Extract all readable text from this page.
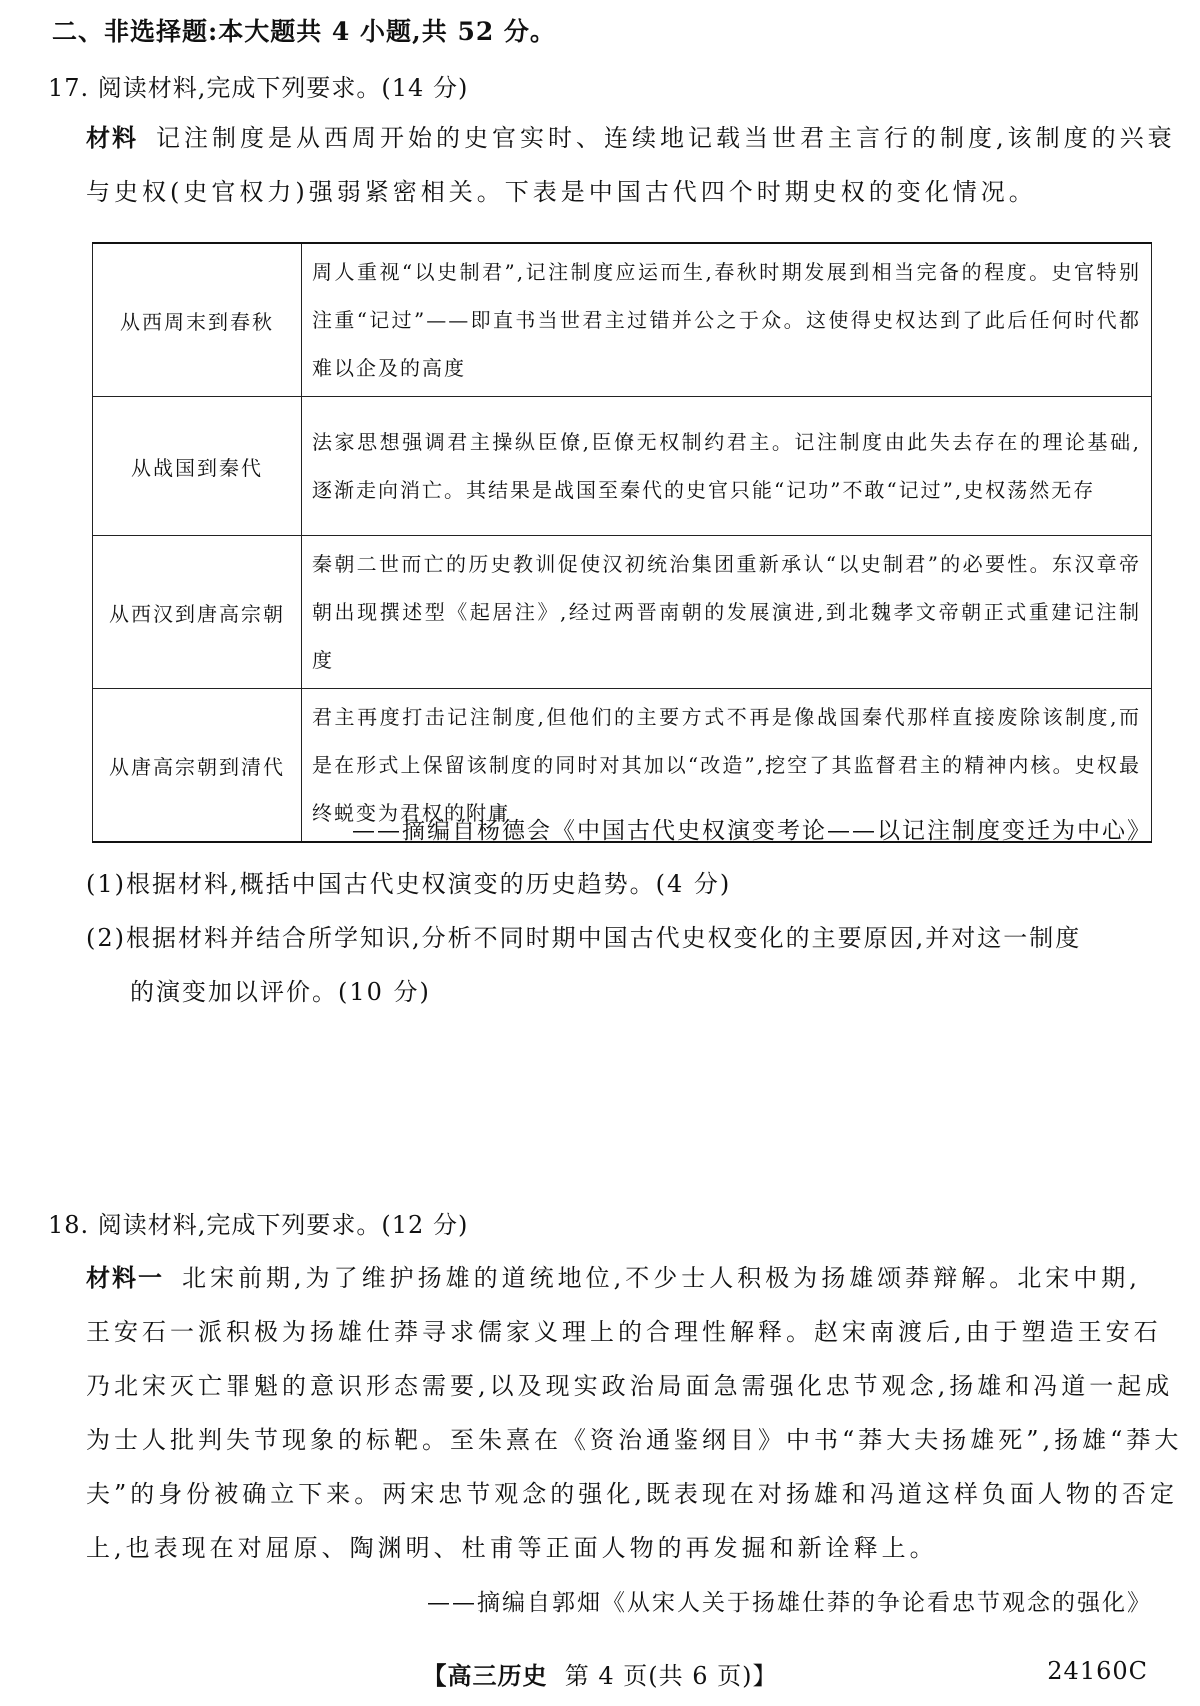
二、非选择题:本大题共 4 小题,共 52 分。
17. 阅读材料,完成下列要求。(14 分)
材料 记注制度是从西周开始的史官实时、连续地记载当世君主言行的制度,该制度的兴衰
与史权(史官权力)强弱紧密相关。下表是中国古代四个时期史权的变化情况。
从西周末到春秋	周人重视“以史制君”,记注制度应运而生,春秋时期发展到相当完备的程度。史官特别注重“记过”——即直书当世君主过错并公之于众。这使得史权达到了此后任何时代都难以企及的高度
从战国到秦代	法家思想强调君主操纵臣僚,臣僚无权制约君主。记注制度由此失去存在的理论基础,逐渐走向消亡。其结果是战国至秦代的史官只能“记功”不敢“记过”,史权荡然无存
从西汉到唐高宗朝	秦朝二世而亡的历史教训促使汉初统治集团重新承认“以史制君”的必要性。东汉章帝朝出现撰述型《起居注》,经过两晋南朝的发展演进,到北魏孝文帝朝正式重建记注制度
从唐高宗朝到清代	君主再度打击记注制度,但他们的主要方式不再是像战国秦代那样直接废除该制度,而是在形式上保留该制度的同时对其加以“改造”,挖空了其监督君主的精神内核。史权最终蜕变为君权的附庸
——摘编自杨德会《中国古代史权演变考论——以记注制度变迁为中心》
(1)根据材料,概括中国古代史权演变的历史趋势。(4 分)
(2)根据材料并结合所学知识,分析不同时期中国古代史权变化的主要原因,并对这一制度
的演变加以评价。(10 分)
18. 阅读材料,完成下列要求。(12 分)
材料一 北宋前期,为了维护扬雄的道统地位,不少士人积极为扬雄颂莽辩解。北宋中期,
王安石一派积极为扬雄仕莽寻求儒家义理上的合理性解释。赵宋南渡后,由于塑造王安石
乃北宋灭亡罪魁的意识形态需要,以及现实政治局面急需强化忠节观念,扬雄和冯道一起成
为士人批判失节现象的标靶。至朱熹在《资治通鉴纲目》中书“莽大夫扬雄死”,扬雄“莽大
夫”的身份被确立下来。两宋忠节观念的强化,既表现在对扬雄和冯道这样负面人物的否定
上,也表现在对屈原、陶渊明、杜甫等正面人物的再发掘和新诠释上。
——摘编自郭畑《从宋人关于扬雄仕莽的争论看忠节观念的强化》
【高三历史 第 4 页(共 6 页)】	24160C
